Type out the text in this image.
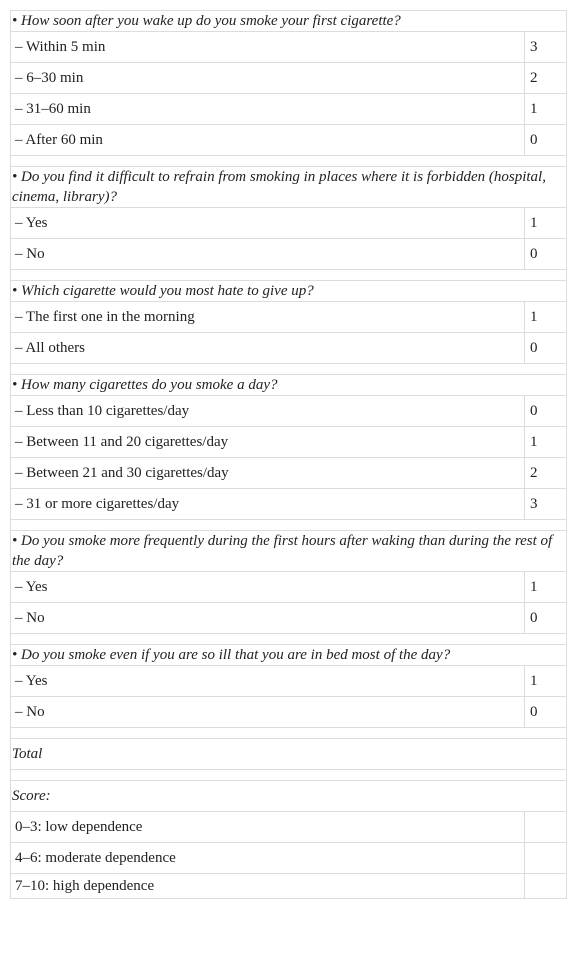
• How soon after you wake up do you smoke your first cigarette?	
– Within 5 min	3
– 6–30 min	2
– 31–60 min	1
– After 60 min	0

• Do you find it difficult to refrain from smoking in places where it is forbidden (hospital, cinema, library)?	
– Yes	1
– No	0

• Which cigarette would you most hate to give up?	
– The first one in the morning	1
– All others	0

• How many cigarettes do you smoke a day?	
– Less than 10 cigarettes/day	0
– Between 11 and 20 cigarettes/day	1
– Between 21 and 30 cigarettes/day	2
– 31 or more cigarettes/day	3

• Do you smoke more frequently during the first hours after waking than during the rest of the day?	
– Yes	1
– No	0

• Do you smoke even if you are so ill that you are in bed most of the day?	
– Yes	1
– No	0

Total	

Score:	
0–3: low dependence	
4–6: moderate dependence	
7–10: high dependence	
